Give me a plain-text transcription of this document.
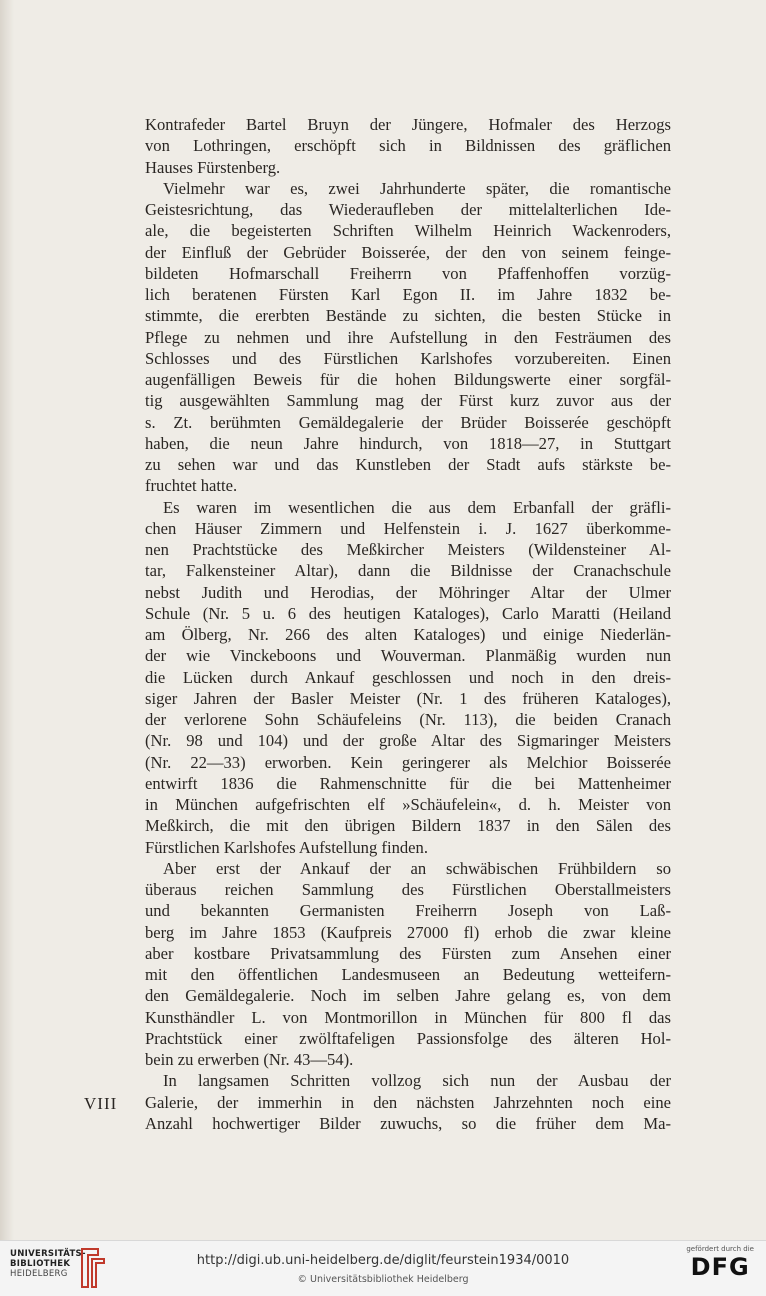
Kontrafeder Bartel Bruyn der Jüngere, Hofmaler des Herzogs
von Lothringen, erschöpft sich in Bildnissen des gräflichen
Hauses Fürstenberg.
Vielmehr war es, zwei Jahrhunderte später, die romantische
Geistesrichtung, das Wiederaufleben der mittelalterlichen Ide-
ale, die begeisterten Schriften Wilhelm Heinrich Wackenroders,
der Einfluß der Gebrüder Boisserée, der den von seinem feinge-
bildeten Hofmarschall Freiherrn von Pfaffenhoffen vorzüg-
lich beratenen Fürsten Karl Egon II. im Jahre 1832 be-
stimmte, die ererbten Bestände zu sichten, die besten Stücke in
Pflege zu nehmen und ihre Aufstellung in den Festräumen des
Schlosses und des Fürstlichen Karlshofes vorzubereiten. Einen
augenfälligen Beweis für die hohen Bildungswerte einer sorgfäl-
tig ausgewählten Sammlung mag der Fürst kurz zuvor aus der
s. Zt. berühmten Gemäldegalerie der Brüder Boisserée geschöpft
haben, die neun Jahre hindurch, von 1818—27, in Stuttgart
zu sehen war und das Kunstleben der Stadt aufs stärkste be-
fruchtet hatte.
Es waren im wesentlichen die aus dem Erbanfall der gräfli-
chen Häuser Zimmern und Helfenstein i. J. 1627 überkomme-
nen Prachtstücke des Meßkircher Meisters (Wildensteiner Al-
tar, Falkensteiner Altar), dann die Bildnisse der Cranachschule
nebst Judith und Herodias, der Möhringer Altar der Ulmer
Schule (Nr. 5 u. 6 des heutigen Kataloges), Carlo Maratti (Heiland
am Ölberg, Nr. 266 des alten Kataloges) und einige Niederlän-
der wie Vinckeboons und Wouverman. Planmäßig wurden nun
die Lücken durch Ankauf geschlossen und noch in den dreis-
siger Jahren der Basler Meister (Nr. 1 des früheren Kataloges),
der verlorene Sohn Schäufeleins (Nr. 113), die beiden Cranach
(Nr. 98 und 104) und der große Altar des Sigmaringer Meisters
(Nr. 22—33) erworben. Kein geringerer als Melchior Boisserée
entwirft 1836 die Rahmenschnitte für die bei Mattenheimer
in München aufgefrischten elf »Schäufelein«, d. h. Meister von
Meßkirch, die mit den übrigen Bildern 1837 in den Sälen des
Fürstlichen Karlshofes Aufstellung finden.
Aber erst der Ankauf der an schwäbischen Frühbildern so
überaus reichen Sammlung des Fürstlichen Oberstallmeisters
und bekannten Germanisten Freiherrn Joseph von Laß-
berg im Jahre 1853 (Kaufpreis 27000 fl) erhob die zwar kleine
aber kostbare Privatsammlung des Fürsten zum Ansehen einer
mit den öffentlichen Landesmuseen an Bedeutung wetteifern-
den Gemäldegalerie. Noch im selben Jahre gelang es, von dem
Kunsthändler L. von Montmorillon in München für 800 fl das
Prachtstück einer zwölftafeligen Passionsfolge des älteren Hol-
bein zu erwerben (Nr. 43—54).
In langsamen Schritten vollzog sich nun der Ausbau der
Galerie, der immerhin in den nächsten Jahrzehnten noch eine
Anzahl hochwertiger Bilder zuwuchs, so die früher dem Ma-
VIII
UNIVERSITÄTS-
BIBLIOTHEK
HEIDELBERG
http://digi.ub.uni-heidelberg.de/diglit/feurstein1934/0010
© Universitätsbibliothek Heidelberg
gefördert durch die
DFG
